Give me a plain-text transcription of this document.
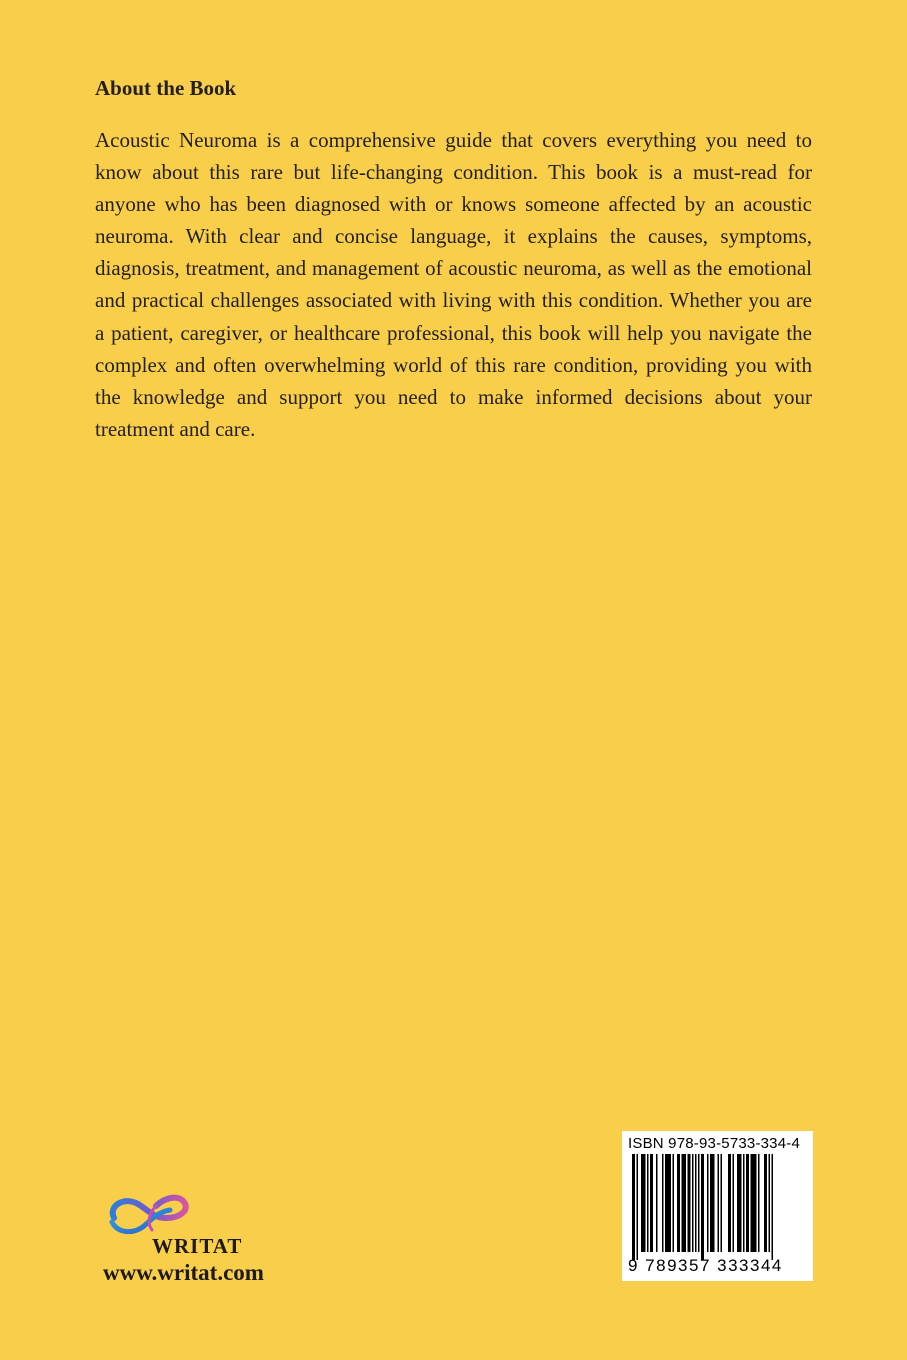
About the Book

Acoustic Neuroma is a comprehensive guide that covers everything you need to know about this rare but life-changing condition. This book is a must-read for anyone who has been diagnosed with or knows someone affected by an acoustic neuroma. With clear and concise language, it explains the causes, symptoms, diagnosis, treatment, and management of acoustic neuroma, as well as the emotional and practical challenges associated with living with this condition. Whether you are a patient, caregiver, or healthcare professional, this book will help you navigate the complex and often overwhelming world of this rare condition, providing you with the knowledge and support you need to make informed decisions about your treatment and care.

WRITAT
www.writat.com
ISBN 978-93-5733-334-4
9 789357 333344
